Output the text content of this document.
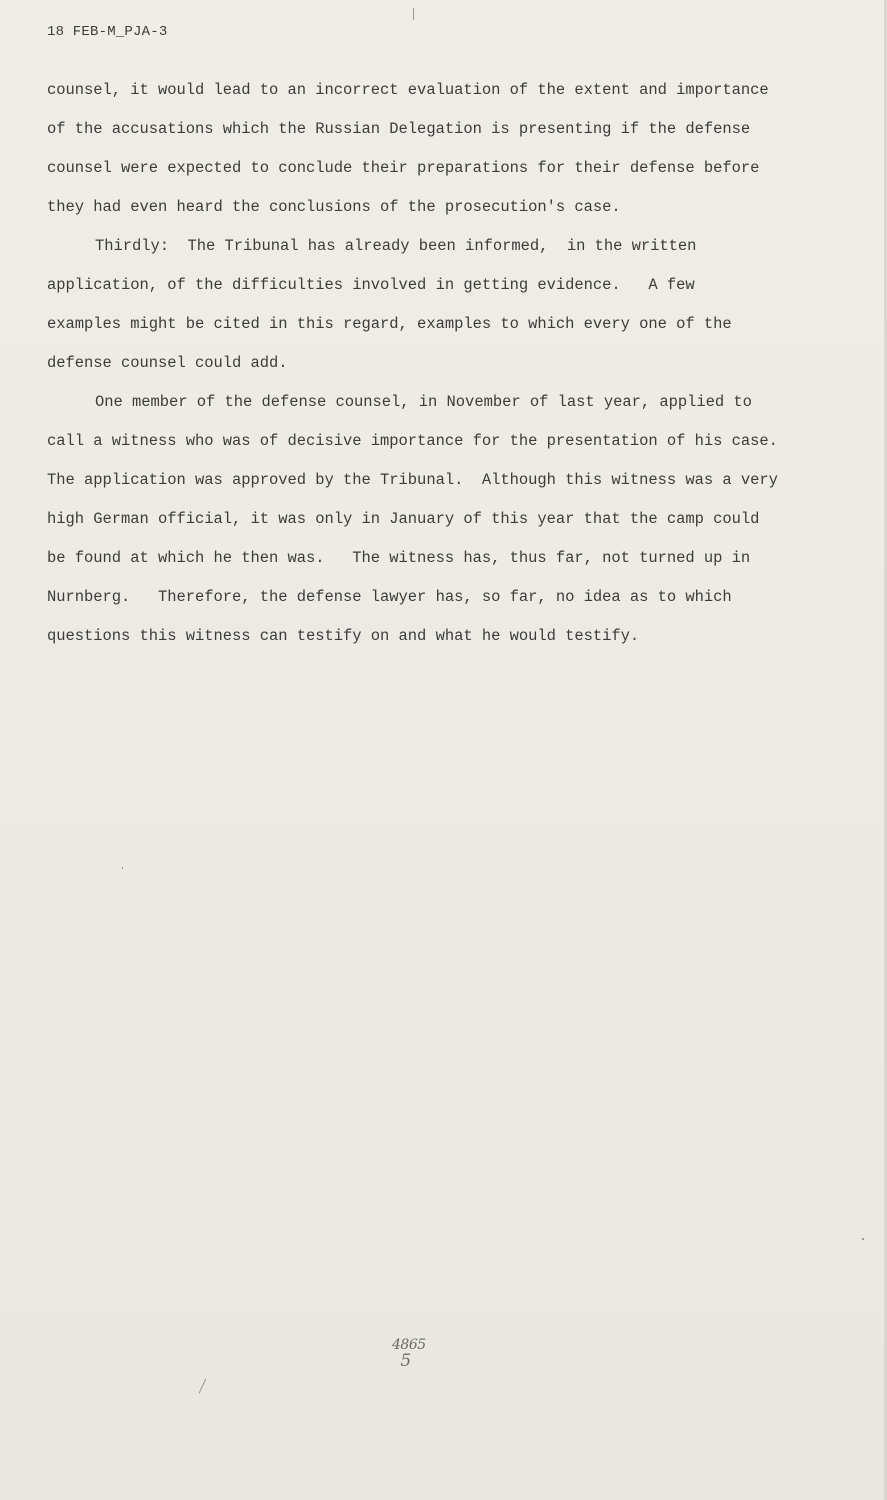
18 FEB-M_PJA-3
counsel, it would lead to an incorrect evaluation of the extent and importance
of the accusations which the Russian Delegation is presenting if the defense
counsel were expected to conclude their preparations for their defense before
they had even heard the conclusions of the prosecution's case.
Thirdly:  The Tribunal has already been informed,  in the written
application, of the difficulties involved in getting evidence.   A few
examples might be cited in this regard, examples to which every one of the
defense counsel could add.
One member of the defense counsel, in November of last year, applied to
call a witness who was of decisive importance for the presentation of his case.
The application was approved by the Tribunal.  Although this witness was a very
high German official, it was only in January of this year that the camp could
be found at which he then was.   The witness has, thus far, not turned up in
Nurnberg.   Therefore, the defense lawyer has, so far, no idea as to which
questions this witness can testify on and what he would testify.
4865
5
